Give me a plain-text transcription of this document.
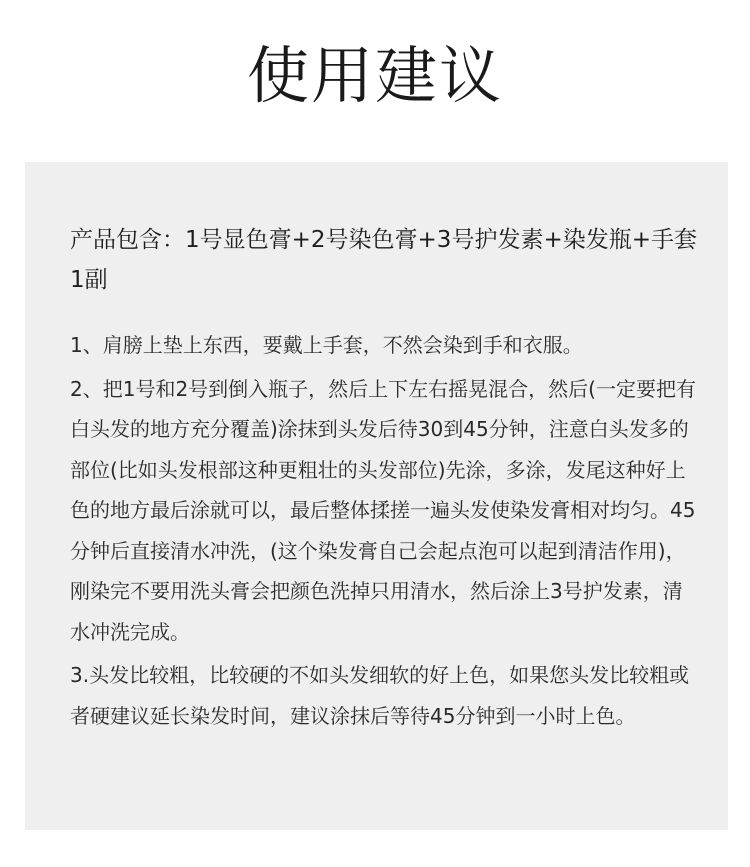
使用建议
产品包含：1号显色膏+2号染色膏+3号护发素+染发瓶+手套1副

1、肩膀上垫上东西，要戴上手套，不然会染到手和衣服。

2、把1号和2号到倒入瓶子，然后上下左右摇晃混合，然后(一定要把有白头发的地方充分覆盖)涂抹到头发后待30到45分钟，注意白头发多的部位(比如头发根部这种更粗壮的头发部位)先涂，多涂，发尾这种好上色的地方最后涂就可以，最后整体揉搓一遍头发使染发膏相对均匀。45分钟后直接清水冲洗，(这个染发膏自己会起点泡可以起到清洁作用)，刚染完不要用洗头膏会把颜色洗掉只用清水，然后涂上3号护发素，清水冲洗完成。

3.头发比较粗，比较硬的不如头发细软的好上色，如果您头发比较粗或者硬建议延长染发时间，建议涂抹后等待45分钟到一小时上色。
